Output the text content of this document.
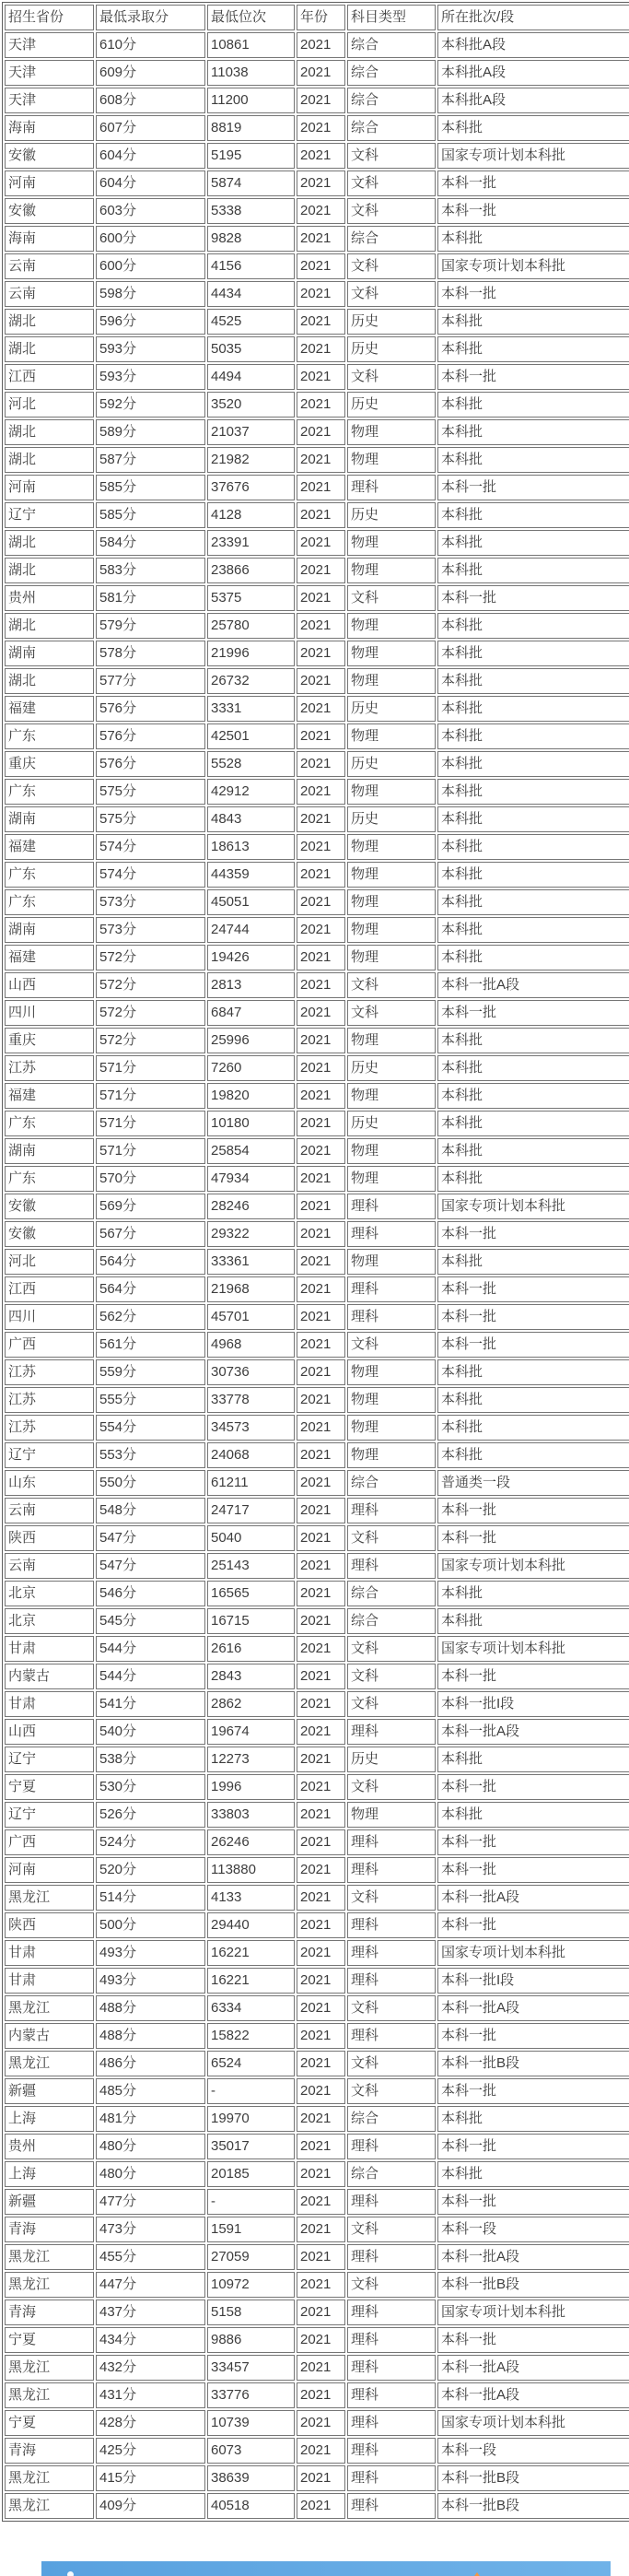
招生省份	最低录取分	最低位次	年份	科目类型	所在批次/段
天津	610分	10861	2021	综合	本科批A段
天津	609分	11038	2021	综合	本科批A段
天津	608分	11200	2021	综合	本科批A段
海南	607分	8819	2021	综合	本科批
安徽	604分	5195	2021	文科	国家专项计划本科批
河南	604分	5874	2021	文科	本科一批
安徽	603分	5338	2021	文科	本科一批
海南	600分	9828	2021	综合	本科批
云南	600分	4156	2021	文科	国家专项计划本科批
云南	598分	4434	2021	文科	本科一批
湖北	596分	4525	2021	历史	本科批
湖北	593分	5035	2021	历史	本科批
江西	593分	4494	2021	文科	本科一批
河北	592分	3520	2021	历史	本科批
湖北	589分	21037	2021	物理	本科批
湖北	587分	21982	2021	物理	本科批
河南	585分	37676	2021	理科	本科一批
辽宁	585分	4128	2021	历史	本科批
湖北	584分	23391	2021	物理	本科批
湖北	583分	23866	2021	物理	本科批
贵州	581分	5375	2021	文科	本科一批
湖北	579分	25780	2021	物理	本科批
湖南	578分	21996	2021	物理	本科批
湖北	577分	26732	2021	物理	本科批
福建	576分	3331	2021	历史	本科批
广东	576分	42501	2021	物理	本科批
重庆	576分	5528	2021	历史	本科批
广东	575分	42912	2021	物理	本科批
湖南	575分	4843	2021	历史	本科批
福建	574分	18613	2021	物理	本科批
广东	574分	44359	2021	物理	本科批
广东	573分	45051	2021	物理	本科批
湖南	573分	24744	2021	物理	本科批
福建	572分	19426	2021	物理	本科批
山西	572分	2813	2021	文科	本科一批A段
四川	572分	6847	2021	文科	本科一批
重庆	572分	25996	2021	物理	本科批
江苏	571分	7260	2021	历史	本科批
福建	571分	19820	2021	物理	本科批
广东	571分	10180	2021	历史	本科批
湖南	571分	25854	2021	物理	本科批
广东	570分	47934	2021	物理	本科批
安徽	569分	28246	2021	理科	国家专项计划本科批
安徽	567分	29322	2021	理科	本科一批
河北	564分	33361	2021	物理	本科批
江西	564分	21968	2021	理科	本科一批
四川	562分	45701	2021	理科	本科一批
广西	561分	4968	2021	文科	本科一批
江苏	559分	30736	2021	物理	本科批
江苏	555分	33778	2021	物理	本科批
江苏	554分	34573	2021	物理	本科批
辽宁	553分	24068	2021	物理	本科批
山东	550分	61211	2021	综合	普通类一段
云南	548分	24717	2021	理科	本科一批
陕西	547分	5040	2021	文科	本科一批
云南	547分	25143	2021	理科	国家专项计划本科批
北京	546分	16565	2021	综合	本科批
北京	545分	16715	2021	综合	本科批
甘肃	544分	2616	2021	文科	国家专项计划本科批
内蒙古	544分	2843	2021	文科	本科一批
甘肃	541分	2862	2021	文科	本科一批I段
山西	540分	19674	2021	理科	本科一批A段
辽宁	538分	12273	2021	历史	本科批
宁夏	530分	1996	2021	文科	本科一批
辽宁	526分	33803	2021	物理	本科批
广西	524分	26246	2021	理科	本科一批
河南	520分	113880	2021	理科	本科一批
黑龙江	514分	4133	2021	文科	本科一批A段
陕西	500分	29440	2021	理科	本科一批
甘肃	493分	16221	2021	理科	国家专项计划本科批
甘肃	493分	16221	2021	理科	本科一批I段
黑龙江	488分	6334	2021	文科	本科一批A段
内蒙古	488分	15822	2021	理科	本科一批
黑龙江	486分	6524	2021	文科	本科一批B段
新疆	485分	-	2021	文科	本科一批
上海	481分	19970	2021	综合	本科批
贵州	480分	35017	2021	理科	本科一批
上海	480分	20185	2021	综合	本科批
新疆	477分	-	2021	理科	本科一批
青海	473分	1591	2021	文科	本科一段
黑龙江	455分	27059	2021	理科	本科一批A段
黑龙江	447分	10972	2021	文科	本科一批B段
青海	437分	5158	2021	理科	国家专项计划本科批
宁夏	434分	9886	2021	理科	本科一批
黑龙江	432分	33457	2021	理科	本科一批A段
黑龙江	431分	33776	2021	理科	本科一批A段
宁夏	428分	10739	2021	理科	国家专项计划本科批
青海	425分	6073	2021	理科	本科一段
黑龙江	415分	38639	2021	理科	本科一批B段
黑龙江	409分	40518	2021	理科	本科一批B段
